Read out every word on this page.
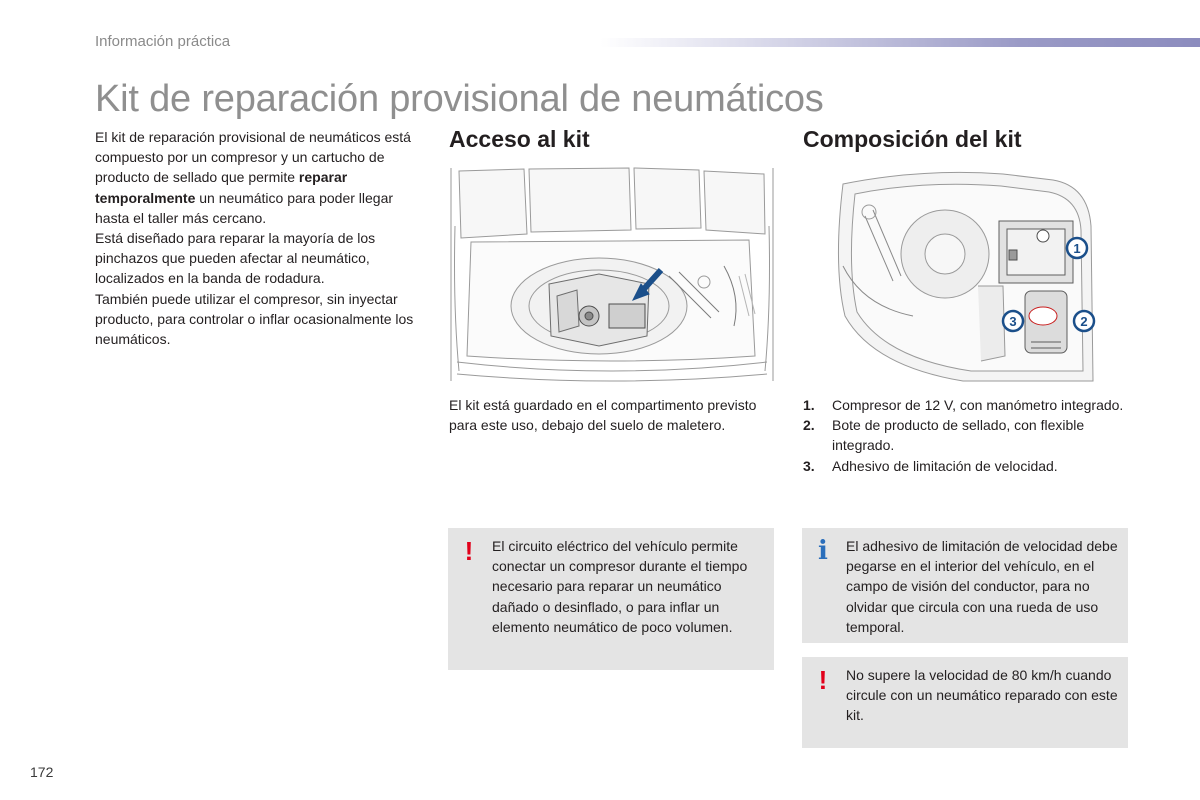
Información práctica
Kit de reparación provisional de neumáticos

El kit de reparación provisional de neumáticos está compuesto por un compresor y un cartucho de producto de sellado que permite reparar temporalmente un neumático para poder llegar hasta el taller más cercano.

Está diseñado para reparar la mayoría de los pinchazos que pueden afectar al neumático, localizados en la banda de rodadura.

También puede utilizar el compresor, sin inyectar producto, para controlar o inflar ocasionalmente los neumáticos.

Acceso al kit
El kit está guardado en el compartimento previsto para este uso, debajo del suelo de maletero.
! El circuito eléctrico del vehículo permite conectar un compresor durante el tiempo necesario para reparar un neumático dañado o desinflado, o para inflar un elemento neumático de poco volumen.
Composición del kit
1
2
3
1.	Compresor de 12 V, con manómetro integrado.
2.	Bote de producto de sellado, con flexible integrado.
3.	Adhesivo de limitación de velocidad.
i El adhesivo de limitación de velocidad debe pegarse en el interior del vehículo, en el campo de visión del conductor, para no olvidar que circula con una rueda de uso temporal.
! No supere la velocidad de 80 km/h cuando circule con un neumático reparado con este kit.
172
